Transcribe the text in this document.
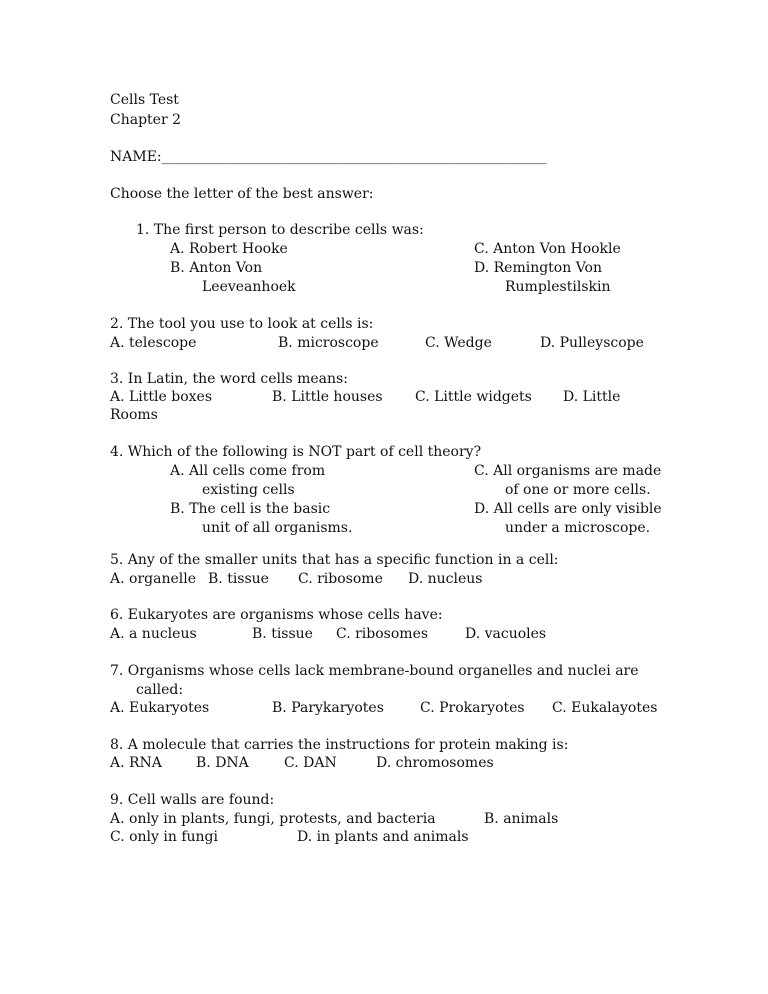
Cells Test
Chapter 2
NAME:_______________________________________________________
Choose the letter of the best answer:
1. The first person to describe cells was:
A. Robert Hooke
B. Anton Von
Leeveanhoek
C. Anton Von Hookle
D. Remington Von
Rumplestilskin
2. The tool you use to look at cells is:
A. telescope	B. microscope	C. Wedge	D. Pulleyscope
3. In Latin, the word cells means:
A. Little boxes	B. Little houses C. Little widgets D. Little
Rooms
4. Which of the following is NOT part of cell theory?
A. All cells come from
existing cells
B. The cell is the basic
unit of all organisms.
C. All organisms are made
of one or more cells.
D. All cells are only visible
under a microscope.
5. Any of the smaller units that has a specific function in a cell:
A. organelle B. tissue C. ribosome D. nucleus
6. Eukaryotes are organisms whose cells have:
A. a nucleus	B. tissue C. ribosomes	D. vacuoles
7. Organisms whose cells lack membrane-bound organelles and nuclei are
called:
A. Eukaryotes	B. Parykaryotes	C. Prokaryotes C. Eukalayotes
8. A molecule that carries the instructions for protein making is:
A. RNA B. DNA	C. DAN	D. chromosomes
9. Cell walls are found:
A. only in plants, fungi, protests, and bacteria	B. animals
C. only in fungi	D. in plants and animals
